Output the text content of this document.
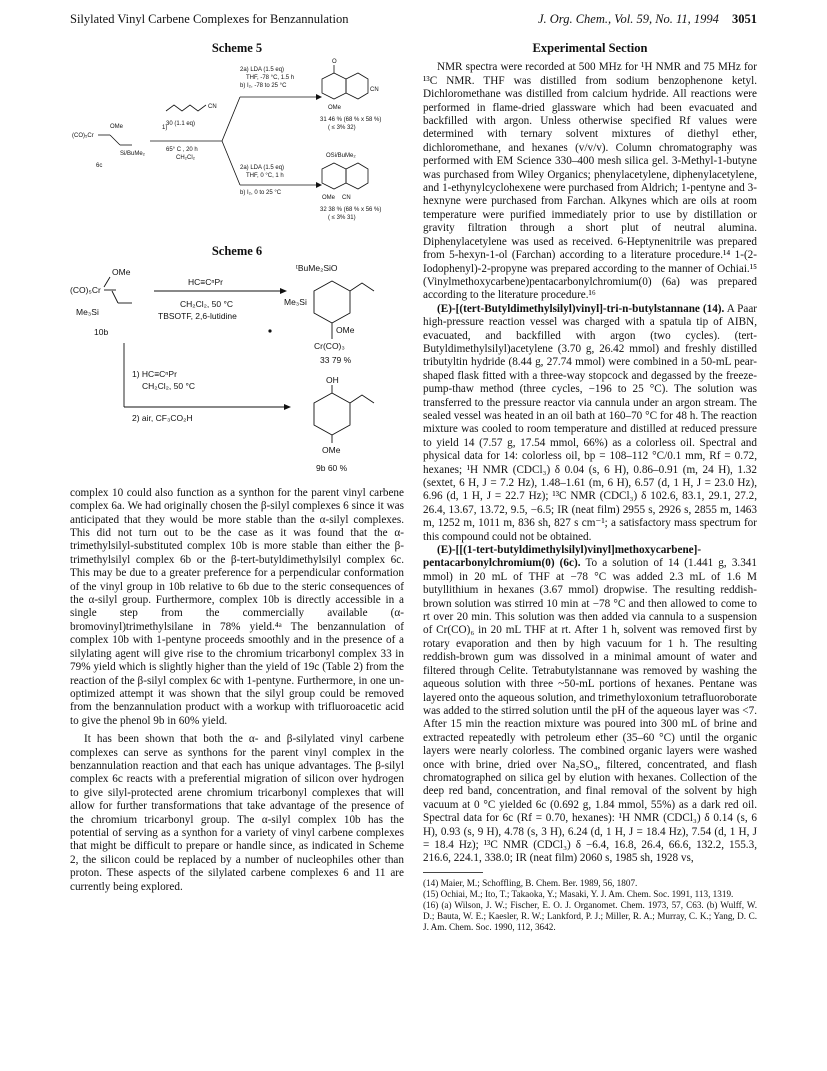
Silylated Vinyl Carbene Complexes for Benzannulation	J. Org. Chem., Vol. 59, No. 11, 1994 3051
Scheme 5
(CO)₅Cr
OMe
Si/BuMe₂
6c
1)
CN
30 (1.1 eq)
65° C , 20 h
CH₂Cl₂
2a) LDA (1.5 eq)
THF, -78 °C, 1.5 h
b) I₂, -78 to 25 °C
2a) LDA (1.5 eq)
THF, 0 °C, 1 h
b) I₂, 0 to 25 °C
O
CN
OMe
31 46 % (68 % x 58 %)
( ≤ 3% 32)
OSi/BuMe₂
OMe CN
32 38 % (68 % x 56 %)
( ≤ 3% 31)
Scheme 6
OMe
(CO)₅Cr
Me₃Si
10b
HC≡CⁿPr
CH₂Cl₂, 50 °C
TBSOTF, 2,6-lutidine
ᵗBuMe₂SiO
Me₃Si
OMe
Cr(CO)₃
33 79 %
1) HC≡CⁿPr
CH₂Cl₂, 50 °C
2) air, CF₃CO₂H
OH
OMe
9b 60 %

complex 10 could also function as a synthon for the parent vinyl carbene complex 6a. We had originally chosen the β-silyl complexes 6 since it was anticipated that they would be more stable than the α-silyl complexes. This did not turn out to be the case as it was found that the α-trimethylsilyl-substituted complex 10b is more stable than either the β-trimethylsilyl complex 6b or the β-tert-butyldimethylsilyl complex 6c. This may be due to a greater preference for a perpendicular conformation of the vinyl group in 10b relative to 6b due to the steric consequences of the α-silyl group. Furthermore, complex 10b is directly accessible in a single step from the commercially available (α-bromovinyl)trimethylsilane in 78% yield.⁴ᵃ The benzannulation of complex 10b with 1-pentyne proceeds smoothly and in the presence of a silylating agent will give rise to the chromium tricarbonyl complex 33 in 79% yield which is slightly higher than the yield of 19c (Table 2) from the reaction of the β-silyl complex 6c with 1-pentyne. Furthermore, in one un-optimized attempt it was shown that the silyl group could be removed from the benzannulation product with a workup with trifluoroacetic acid to give the phenol 9b in 60% yield.

It has been shown that both the α- and β-silylated vinyl carbene complexes can serve as synthons for the parent vinyl complex in the benzannulation reaction and that each has unique advantages. The β-silyl complex 6c reacts with a preferential migration of silicon over hydrogen to give silyl-protected arene chromium tricarbonyl complexes that will allow for further transformations that take advantage of the presence of the chromium tricarbonyl group. The α-silyl complex 10b has the potential of serving as a synthon for a variety of vinyl carbene complexes that might be difficult to prepare or handle since, as indicated in Scheme 2, the silicon could be replaced by a number of nucleophiles other than proton. These aspects of the silylated carbene complexes 6 and 11 are currently being explored.

Experimental Section

NMR spectra were recorded at 500 MHz for ¹H NMR and 75 MHz for ¹³C NMR. THF was distilled from sodium benzophenone ketyl. Dichloromethane was distilled from calcium hydride. All reactions were performed in flame-dried glassware which had been evacuated and backfilled with argon. Unless otherwise specified Rf values were determined with ternary solvent mixtures of diethyl ether, dichloromethane, and hexanes (v/v/v). Column chromatography was performed with EM Science 330–400 mesh silica gel. 3-Methyl-1-butyne was purchased from Wiley Organics; phenylacetylene, diphenylacetylene, and 1-ethynylcyclohexene were purchased from Aldrich; 1-pentyne and 3-hexnyne were purchased from Farchan. Alkynes which are oils at room temperature were purified immediately prior to use by distillation or gravity filtration through a short plut of neutral alumina. Diphenylacetylene was used as received. 6-Heptynenitrile was prepared from 5-hexyn-1-ol (Farchan) according to a literature procedure.¹⁴ 1-(2-Iodophenyl)-2-propyne was prepared according to the manner of Ochiai.¹⁵ (Vinylmethoxycarbene)pentacarbonylchromium(0) (6a) was prepared according to the literature procedure.¹⁶

(E)-[(tert-Butyldimethylsilyl)vinyl]-tri-n-butylstannane (14). A Paar high-pressure reaction vessel was charged with a spatula tip of AIBN, evacuated, and backfilled with argon (two cycles). (tert-Butyldimethylsilyl)acetylene (3.70 g, 26.42 mmol) and freshly distilled tributyltin hydride (8.44 g, 27.74 mmol) were combined in a 50-mL pear-shaped flask fitted with a three-way stopcock and degassed by the freeze-pump-thaw method (three cycles, −196 to 25 °C). The solution was transferred to the pressure reactor via cannula under an argon stream. The sealed vessel was heated in an oil bath at 160–70 °C for 48 h. The reaction mixture was cooled to room temperature and distilled at reduced pressure to yield 14 (7.57 g, 17.54 mmol, 66%) as a colorless oil. Spectral and physical data for 14: colorless oil, bp = 108–112 °C/0.1 mm, Rf = 0.72, hexanes; ¹H NMR (CDCl₃) δ 0.04 (s, 6 H), 0.86–0.91 (m, 24 H), 1.32 (sextet, 6 H, J = 7.2 Hz), 1.48–1.61 (m, 6 H), 6.57 (d, 1 H, J = 23.0 Hz), 6.96 (d, 1 H, J = 22.7 Hz); ¹³C NMR (CDCl₃) δ 102.6, 83.1, 29.1, 27.2, 26.4, 13.67, 13.72, 9.5, −6.5; IR (neat film) 2955 s, 2926 s, 2855 m, 1463 m, 1252 m, 1011 m, 836 sh, 827 s cm⁻¹; a satisfactory mass spectrum for this compound could not be obtained.

(E)-[[(1-tert-butyldimethylsilyl)vinyl]methoxycarbene]-pentacarbonylchromium(0) (6c). To a solution of 14 (1.441 g, 3.341 mmol) in 20 mL of THF at −78 °C was added 2.3 mL of 1.6 M butyllithium in hexanes (3.67 mmol) dropwise. The resulting reddish-brown solution was stirred 10 min at −78 °C and then allowed to come to rt over 20 min. This solution was then added via cannula to a suspension of Cr(CO)₆ in 20 mL THF at rt. After 1 h, solvent was removed first by rotary evaporation and then by high vacuum for 1 h. The resulting reddish-brown gum was dissolved in a minimal amount of water and filtered through Celite. Tetrabutylstannane was removed by washing the aqueous solution with three ~50-mL portions of hexanes. Pentane was layered onto the aqueous solution, and trimethyloxonium tetrafluoroborate was added to the stirred solution until the pH of the aqueous layer was <7. After 15 min the reaction mixture was poured into 300 mL of brine and extracted repeatedly with petroleum ether (35–60 °C) until the organic layers were nearly colorless. The combined organic layers were washed once with brine, dried over Na₂SO₄, filtered, concentrated, and flash chromatographed on silica gel by elution with hexanes. Collection of the deep red band, concentration, and final removal of the solvent by high vacuum at 0 °C yielded 6c (0.692 g, 1.84 mmol, 55%) as a dark red oil. Spectral data for 6c (Rf = 0.70, hexanes): ¹H NMR (CDCl₃) δ 0.14 (s, 6 H), 0.93 (s, 9 H), 4.78 (s, 3 H), 6.24 (d, 1 H, J = 18.4 Hz), 7.54 (d, 1 H, J = 18.4 Hz); ¹³C NMR (CDCl₃) δ −6.4, 16.8, 26.4, 66.6, 132.2, 155.3, 216.6, 224.1, 338.0; IR (neat film) 2060 s, 1985 sh, 1928 vs,

(14) Maier, M.; Schoffling, B. Chem. Ber. 1989, 56, 1807.

(15) Ochiai, M.; Ito, T.; Takaoka, Y.; Masaki, Y. J. Am. Chem. Soc. 1991, 113, 1319.

(16) (a) Wilson, J. W.; Fischer, E. O. J. Organomet. Chem. 1973, 57, C63. (b) Wulff, W. D.; Bauta, W. E.; Kaesler, R. W.; Lankford, P. J.; Miller, R. A.; Murray, C. K.; Yang, D. C. J. Am. Chem. Soc. 1990, 112, 3642.
